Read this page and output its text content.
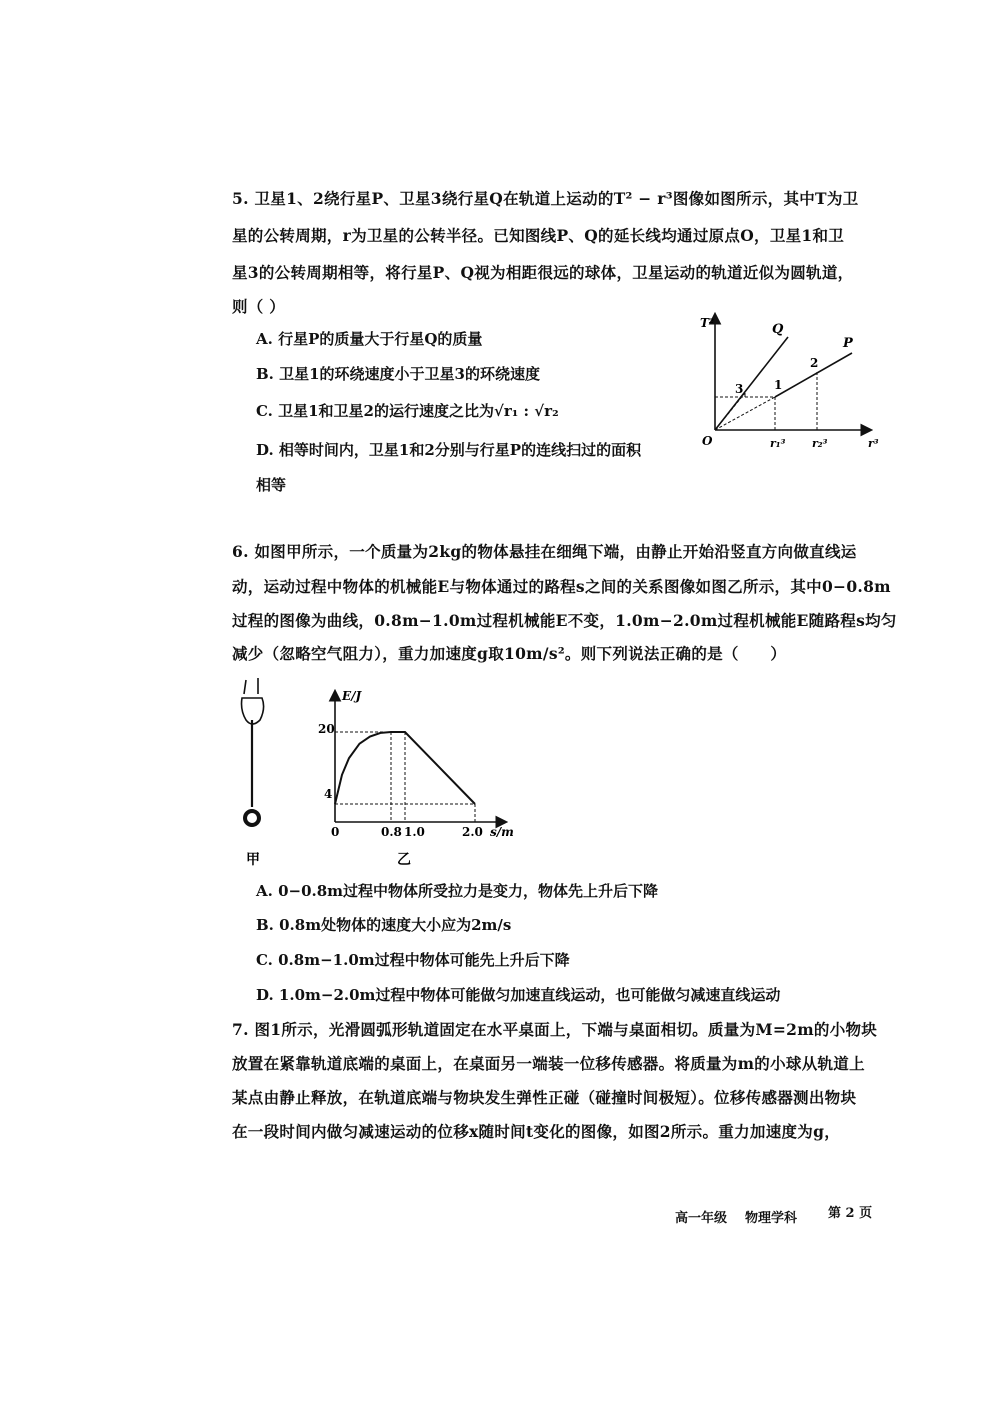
5. 卫星1、2绕行星P、卫星3绕行星Q在轨道上运动的T² − r³图像如图所示，其中T为卫
星的公转周期，r为卫星的公转半径。已知图线P、Q的延长线均通过原点O，卫星1和卫
星3的公转周期相等，将行星P、Q视为相距很远的球体，卫星运动的轨道近似为圆轨道，
则（ ）
A. 行星P的质量大于行星Q的质量
B. 卫星1的环绕速度小于卫星3的环绕速度
C. 卫星1和卫星2的运行速度之比为√r₁ : √r₂
D. 相等时间内，卫星1和2分别与行星P的连线扫过的面积
相等
T²
r³
O
Q
P
1
2
3
r₁³ r₂³
6. 如图甲所示，一个质量为2kg的物体悬挂在细绳下端，由静止开始沿竖直方向做直线运
动，运动过程中物体的机械能E与物体通过的路程s之间的关系图像如图乙所示，其中0−0.8m
过程的图像为曲线，0.8m−1.0m过程机械能E不变，1.0m−2.0m过程机械能E随路程s均匀
减少（忽略空气阻力），重力加速度g取10m/s²。则下列说法正确的是（　　）
甲
E/J
s/m
20
4
0	0.8 1.0	2.0
乙
A. 0−0.8m过程中物体所受拉力是变力，物体先上升后下降
B. 0.8m处物体的速度大小应为2m/s
C. 0.8m−1.0m过程中物体可能先上升后下降
D. 1.0m−2.0m过程中物体可能做匀加速直线运动，也可能做匀减速直线运动
7. 图1所示，光滑圆弧形轨道固定在水平桌面上，下端与桌面相切。质量为M=2m的小物块
放置在紧靠轨道底端的桌面上，在桌面另一端装一位移传感器。将质量为m的小球从轨道上
某点由静止释放，在轨道底端与物块发生弹性正碰（碰撞时间极短）。位移传感器测出物块
在一段时间内做匀减速运动的位移x随时间t变化的图像，如图2所示。重力加速度为g，
高一年级 物理学科 第 2 页
